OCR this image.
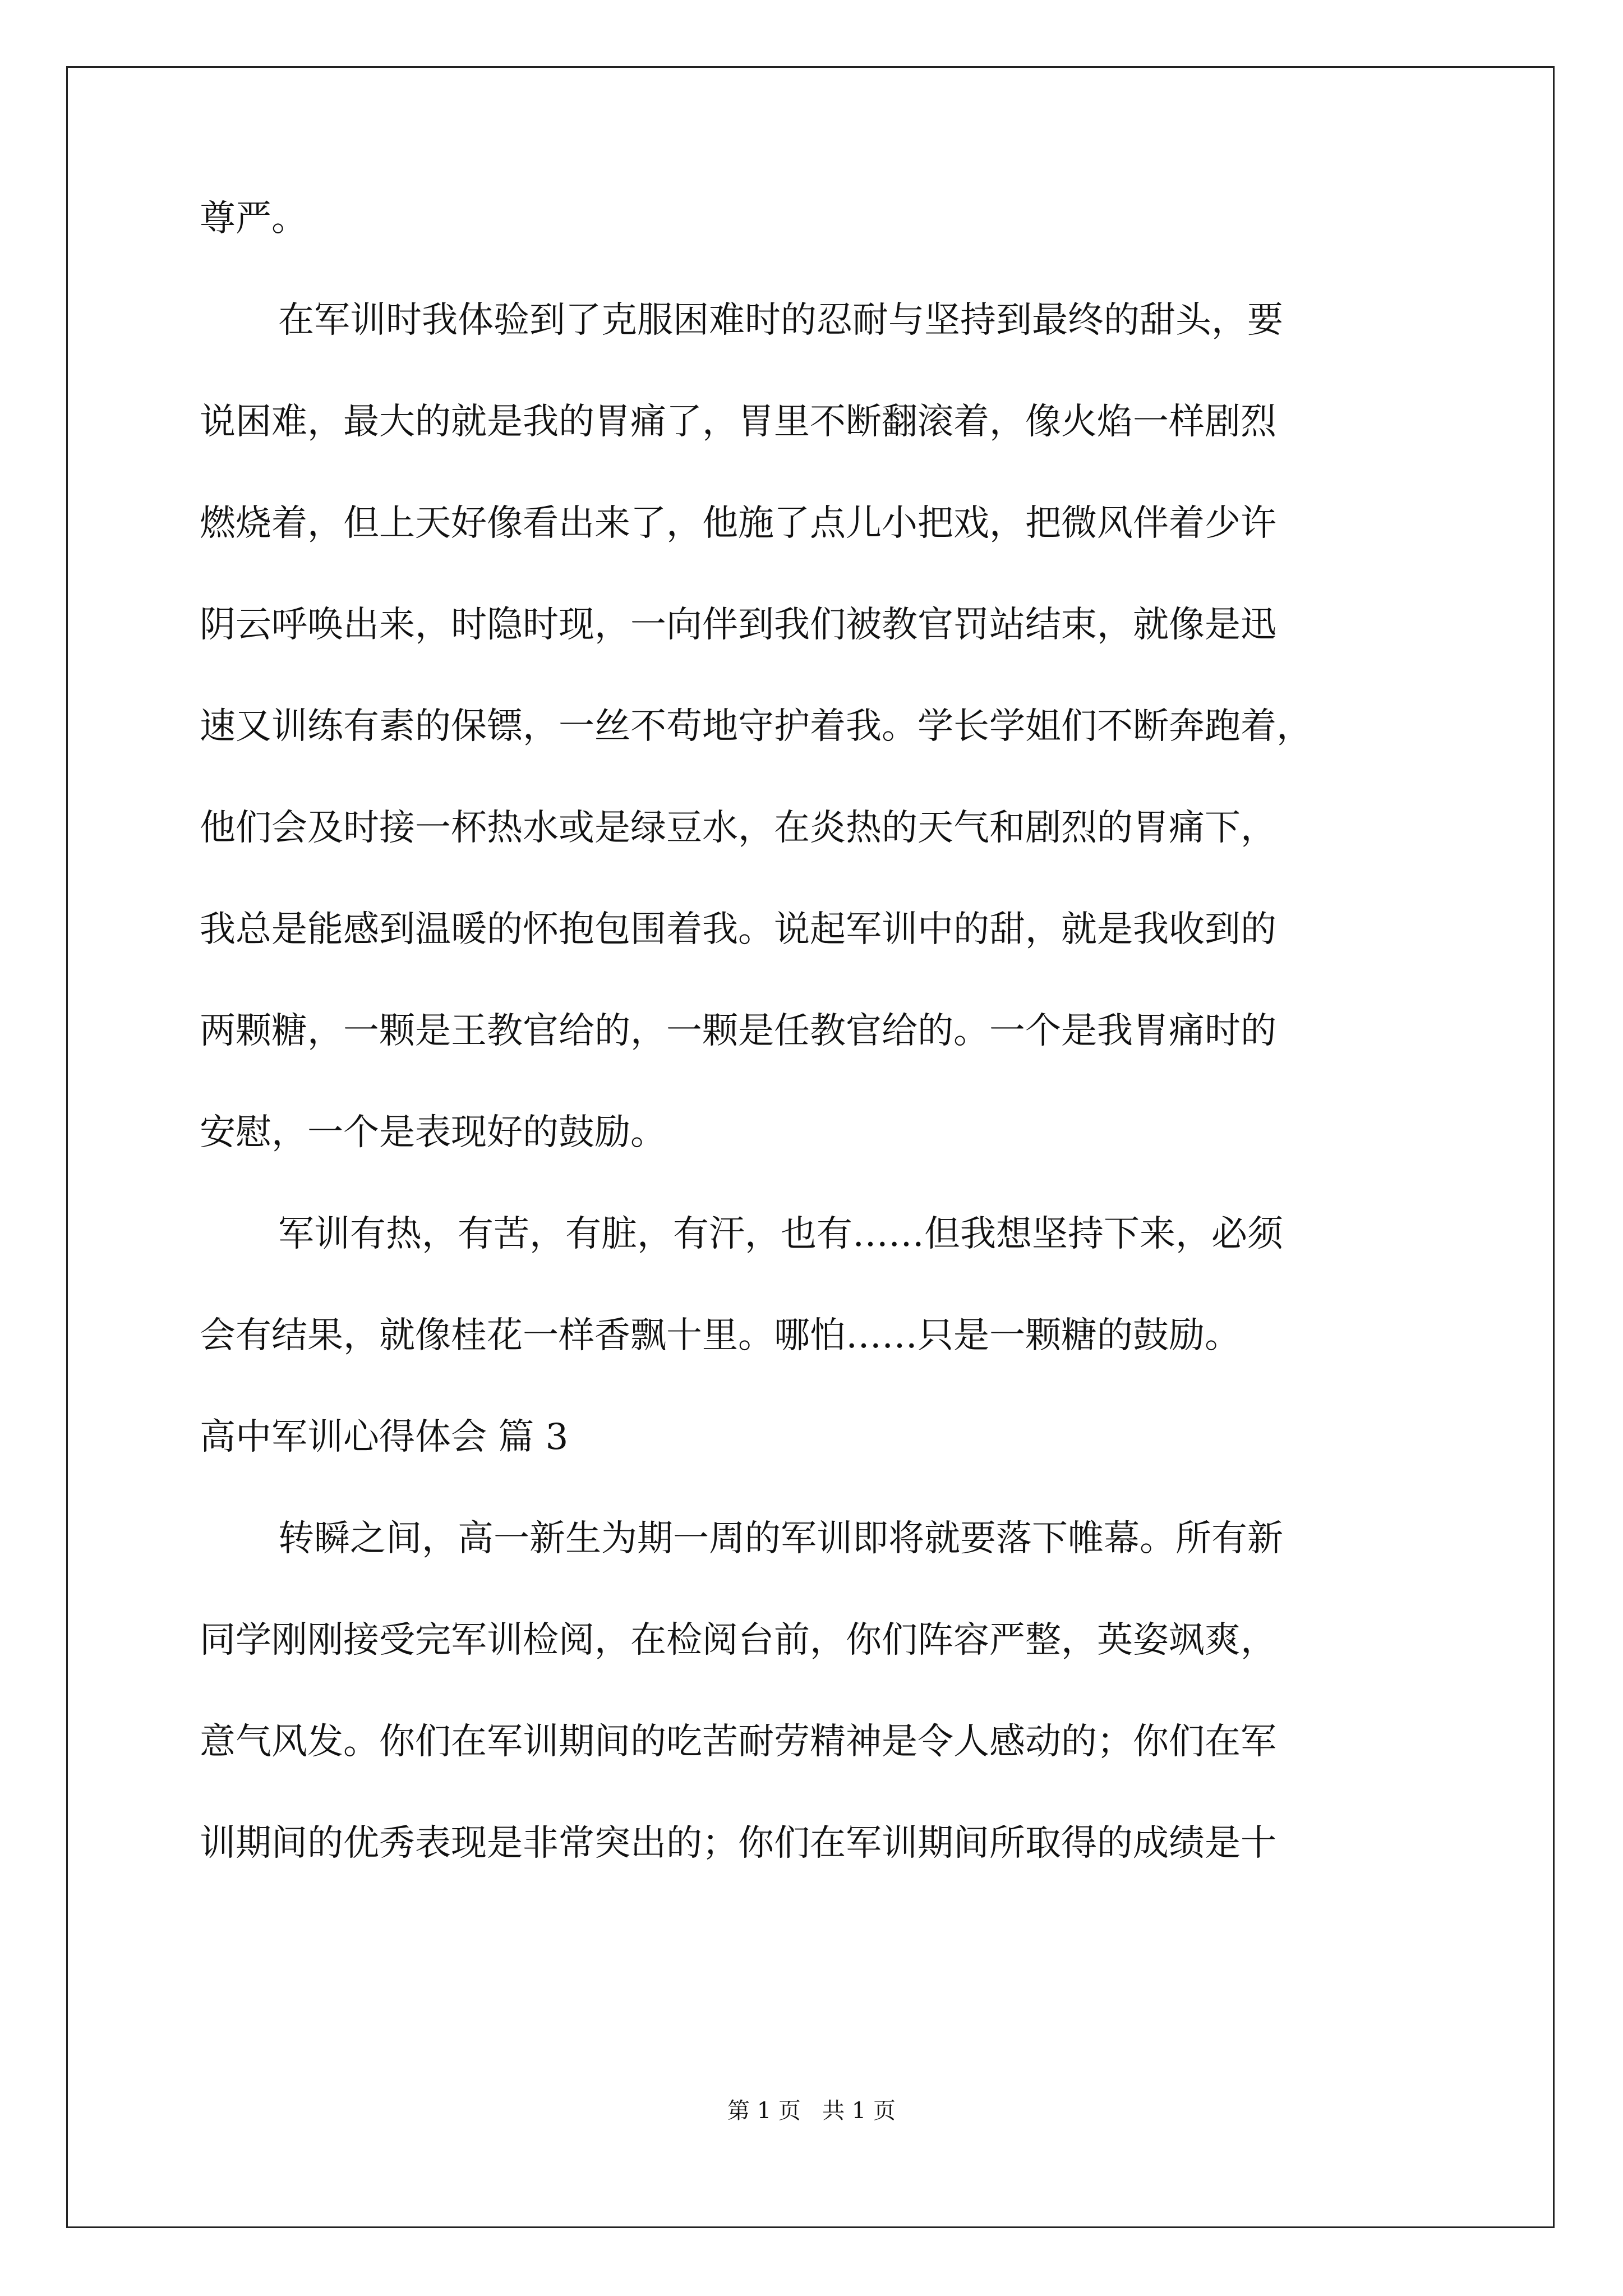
尊严。
在军训时我体验到了克服困难时的忍耐与坚持到最终的甜头，要
说困难，最大的就是我的胃痛了，胃里不断翻滚着，像火焰一样剧烈
燃烧着，但上天好像看出来了，他施了点儿小把戏，把微风伴着少许
阴云呼唤出来，时隐时现，一向伴到我们被教官罚站结束，就像是迅
速又训练有素的保镖，一丝不苟地守护着我。学长学姐们不断奔跑着，
他们会及时接一杯热水或是绿豆水，在炎热的天气和剧烈的胃痛下，
我总是能感到温暖的怀抱包围着我。说起军训中的甜，就是我收到的
两颗糖，一颗是王教官给的，一颗是任教官给的。一个是我胃痛时的
安慰，一个是表现好的鼓励。
军训有热，有苦，有脏，有汗，也有……但我想坚持下来，必须
会有结果，就像桂花一样香飘十里。哪怕……只是一颗糖的鼓励。
高中军训心得体会 篇 3
转瞬之间，高一新生为期一周的军训即将就要落下帷幕。所有新
同学刚刚接受完军训检阅，在检阅台前，你们阵容严整，英姿飒爽，
意气风发。你们在军训期间的吃苦耐劳精神是令人感动的；你们在军
训期间的优秀表现是非常突出的；你们在军训期间所取得的成绩是十
第 1 页   共 1 页
